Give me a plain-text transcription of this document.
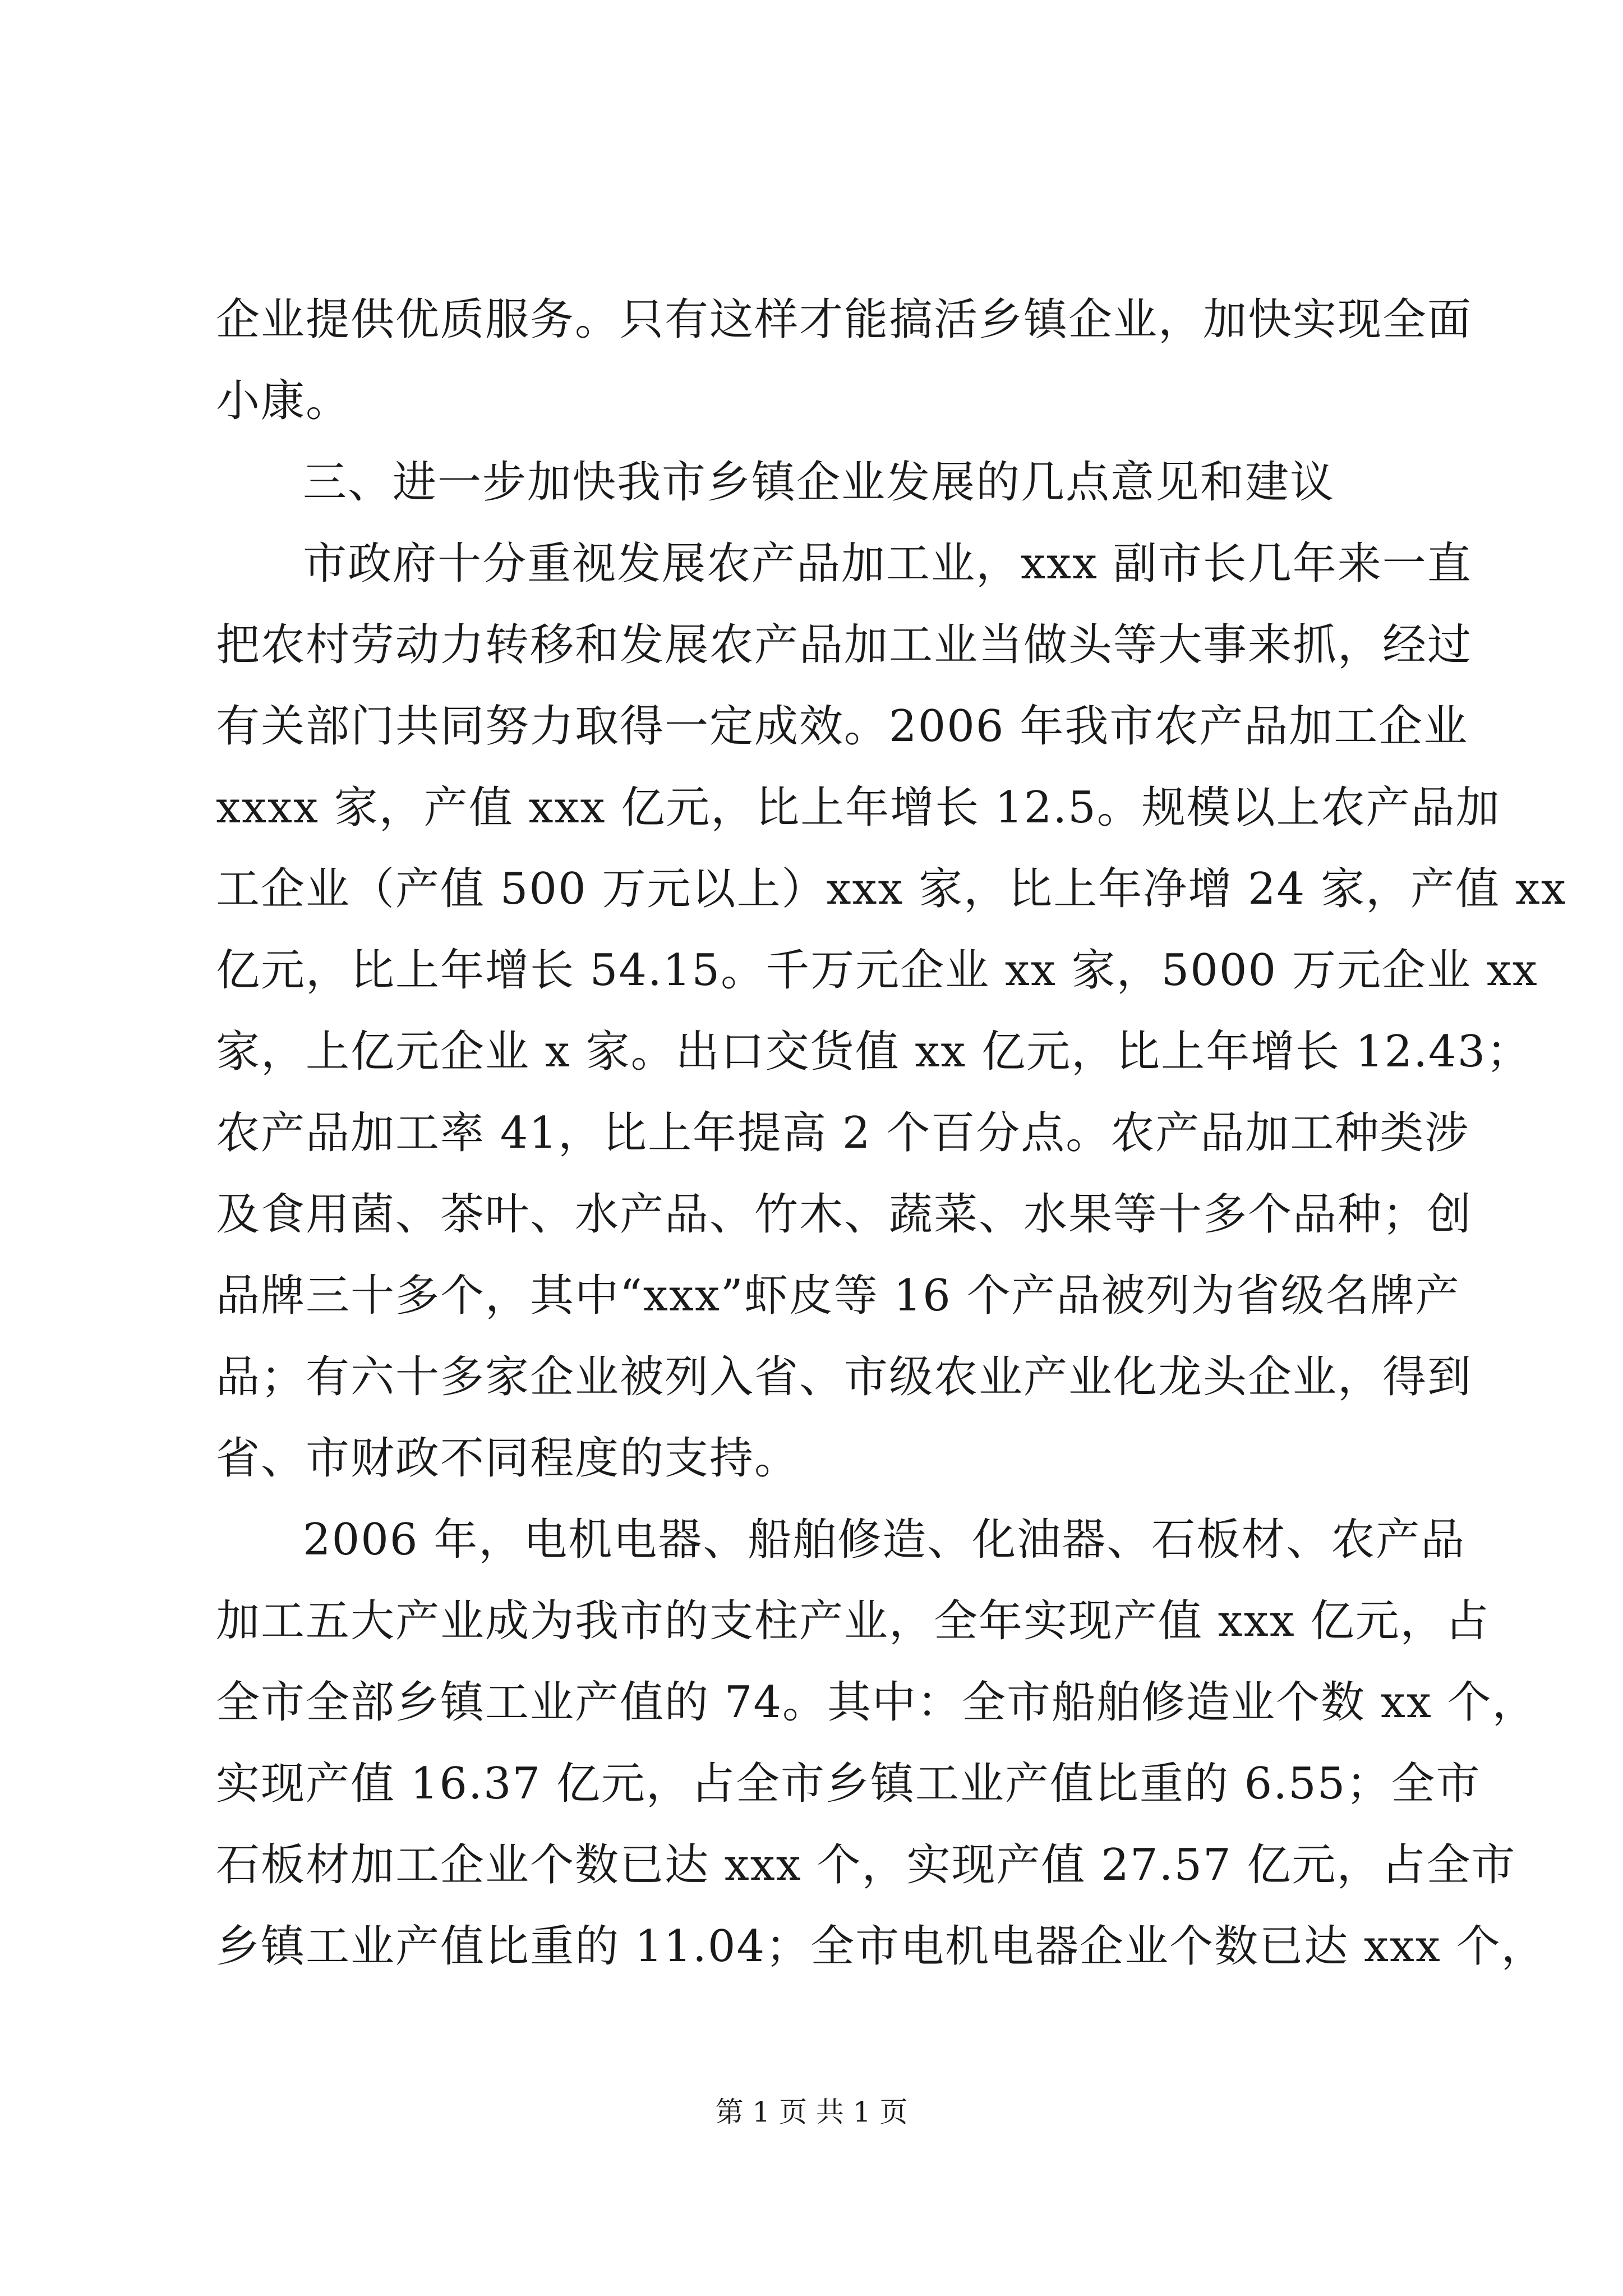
企业提供优质服务。只有这样才能搞活乡镇企业，加快实现全面
小康。
三、进一步加快我市乡镇企业发展的几点意见和建议
市政府十分重视发展农产品加工业，xxx 副市长几年来一直
把农村劳动力转移和发展农产品加工业当做头等大事来抓，经过
有关部门共同努力取得一定成效。2006 年我市农产品加工企业
xxxx 家，产值 xxx 亿元，比上年增长 12.5。规模以上农产品加
工企业（产值 500 万元以上）xxx 家，比上年净增 24 家，产值 xx
亿元，比上年增长 54.15。千万元企业 xx 家，5000 万元企业 xx
家，上亿元企业 x 家。出口交货值 xx 亿元，比上年增长 12.43；
农产品加工率 41，比上年提高 2 个百分点。农产品加工种类涉
及食用菌、茶叶、水产品、竹木、蔬菜、水果等十多个品种；创
品牌三十多个，其中“xxx”虾皮等 16 个产品被列为省级名牌产
品；有六十多家企业被列入省、市级农业产业化龙头企业，得到
省、市财政不同程度的支持。
2006 年，电机电器、船舶修造、化油器、石板材、农产品
加工五大产业成为我市的支柱产业，全年实现产值 xxx 亿元，占
全市全部乡镇工业产值的 74。其中：全市船舶修造业个数 xx 个，
实现产值 16.37 亿元，占全市乡镇工业产值比重的 6.55；全市
石板材加工企业个数已达 xxx 个，实现产值 27.57 亿元，占全市
乡镇工业产值比重的 11.04；全市电机电器企业个数已达 xxx 个，
第 1 页 共 1 页
